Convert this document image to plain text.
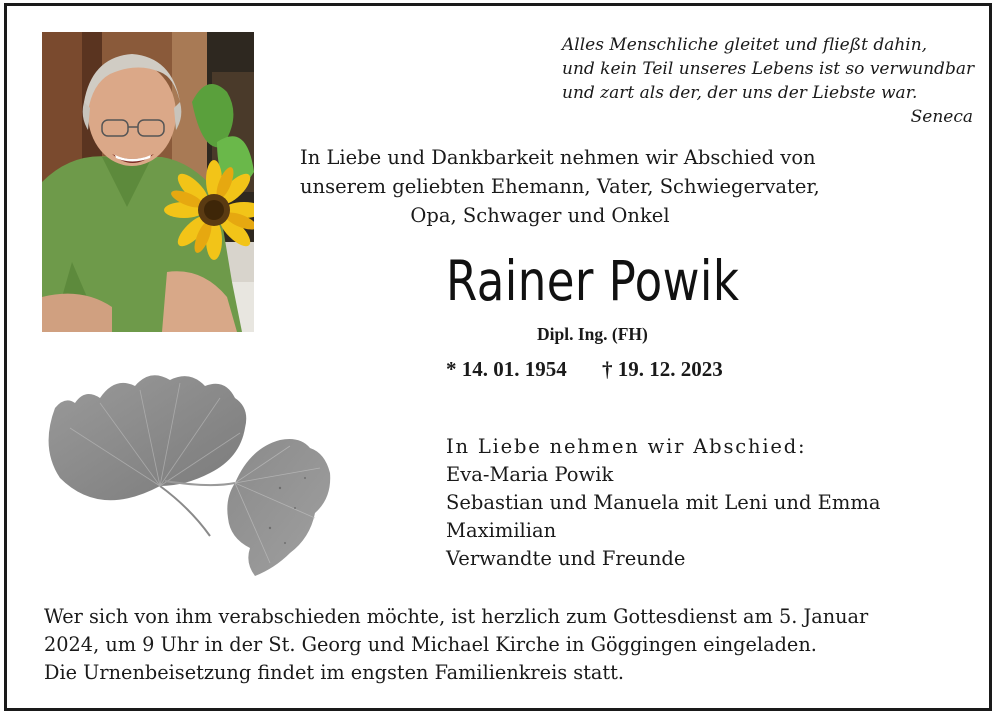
Alles Menschliche gleitet und fließt dahin,
und kein Teil unseres Lebens ist so verwundbar
und zart als der, der uns der Liebste war.
Seneca
In Liebe und Dankbarkeit nehmen wir Abschied von
unserem geliebten Ehemann, Vater, Schwiegervater,
Opa, Schwager und Onkel
Rainer Powik
Dipl. Ing. (FH)
* 14. 01. 1954 † 19. 12. 2023
In Liebe nehmen wir Abschied:
Eva-Maria Powik
Sebastian und Manuela mit Leni und Emma
Maximilian
Verwandte und Freunde
Wer sich von ihm verabschieden möchte, ist herzlich zum Gottesdienst am 5. Januar
2024, um 9 Uhr in der St. Georg und Michael Kirche in Göggingen eingeladen.
Die Urnenbeisetzung findet im engsten Familienkreis statt.
